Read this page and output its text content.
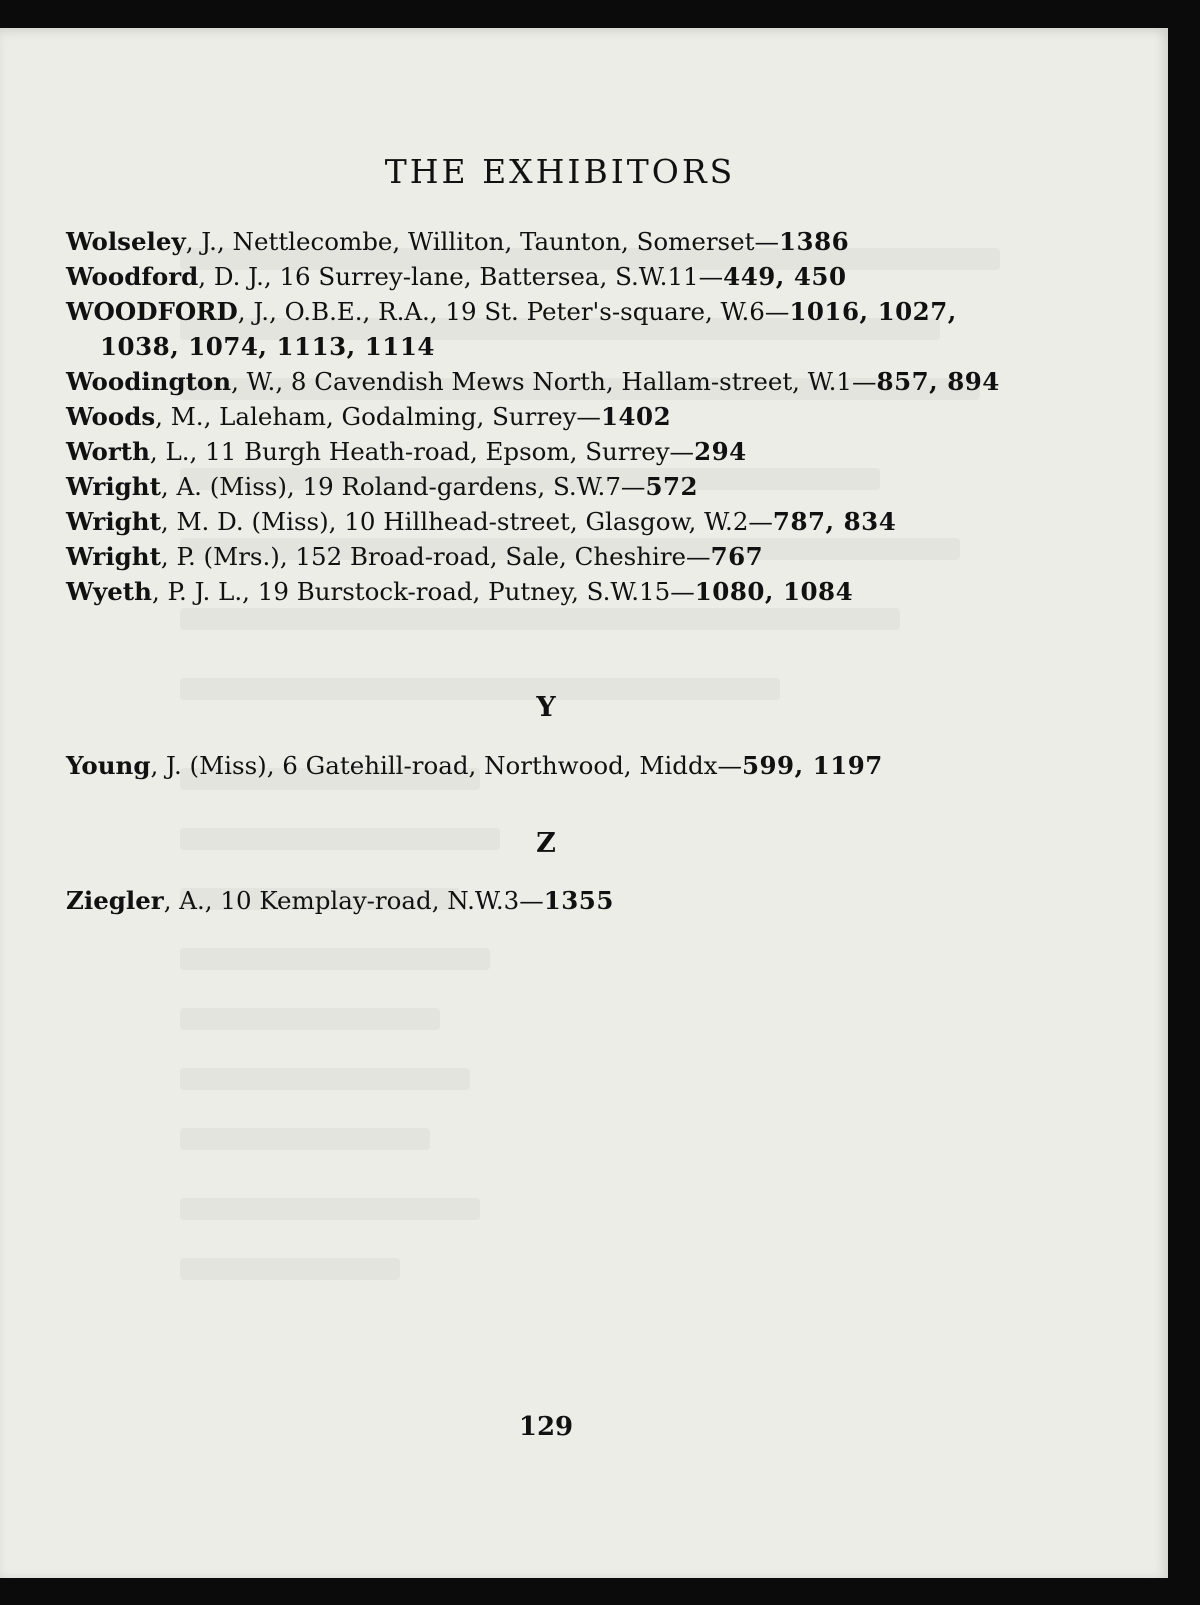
THE EXHIBITORS

Wolseley, J., Nettlecombe, Williton, Taunton, Somerset—1386

Woodford, D. J., 16 Surrey-lane, Battersea, S.W.11—449, 450

WOODFORD, J., O.B.E., R.A., 19 St. Peter's-square, W.6—1016, 1027, 1038, 1074, 1113, 1114

Woodington, W., 8 Cavendish Mews North, Hallam-street, W.1—857, 894

Woods, M., Laleham, Godalming, Surrey—1402

Worth, L., 11 Burgh Heath-road, Epsom, Surrey—294

Wright, A. (Miss), 19 Roland-gardens, S.W.7—572

Wright, M. D. (Miss), 10 Hillhead-street, Glasgow, W.2—787, 834

Wright, P. (Mrs.), 152 Broad-road, Sale, Cheshire—767

Wyeth, P. J. L., 19 Burstock-road, Putney, S.W.15—1080, 1084

Y

Young, J. (Miss), 6 Gatehill-road, Northwood, Middx—599, 1197

Z

Ziegler, A., 10 Kemplay-road, N.W.3—1355

129
